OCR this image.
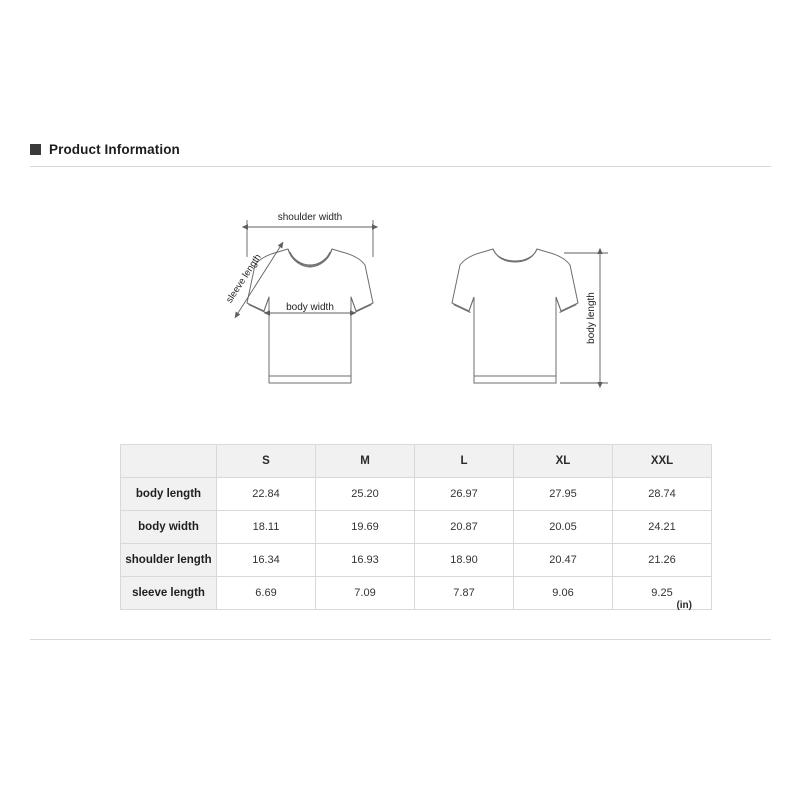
Product Information
shoulder width
body width
sleeve length
body length
	S	M	L	XL	XXL
body length	22.84	25.20	26.97	27.95	28.74
body width	18.11	19.69	20.87	20.05	24.21
shoulder length	16.34	16.93	18.90	20.47	21.26
sleeve length	6.69	7.09	7.87	9.06	9.25
(in)
